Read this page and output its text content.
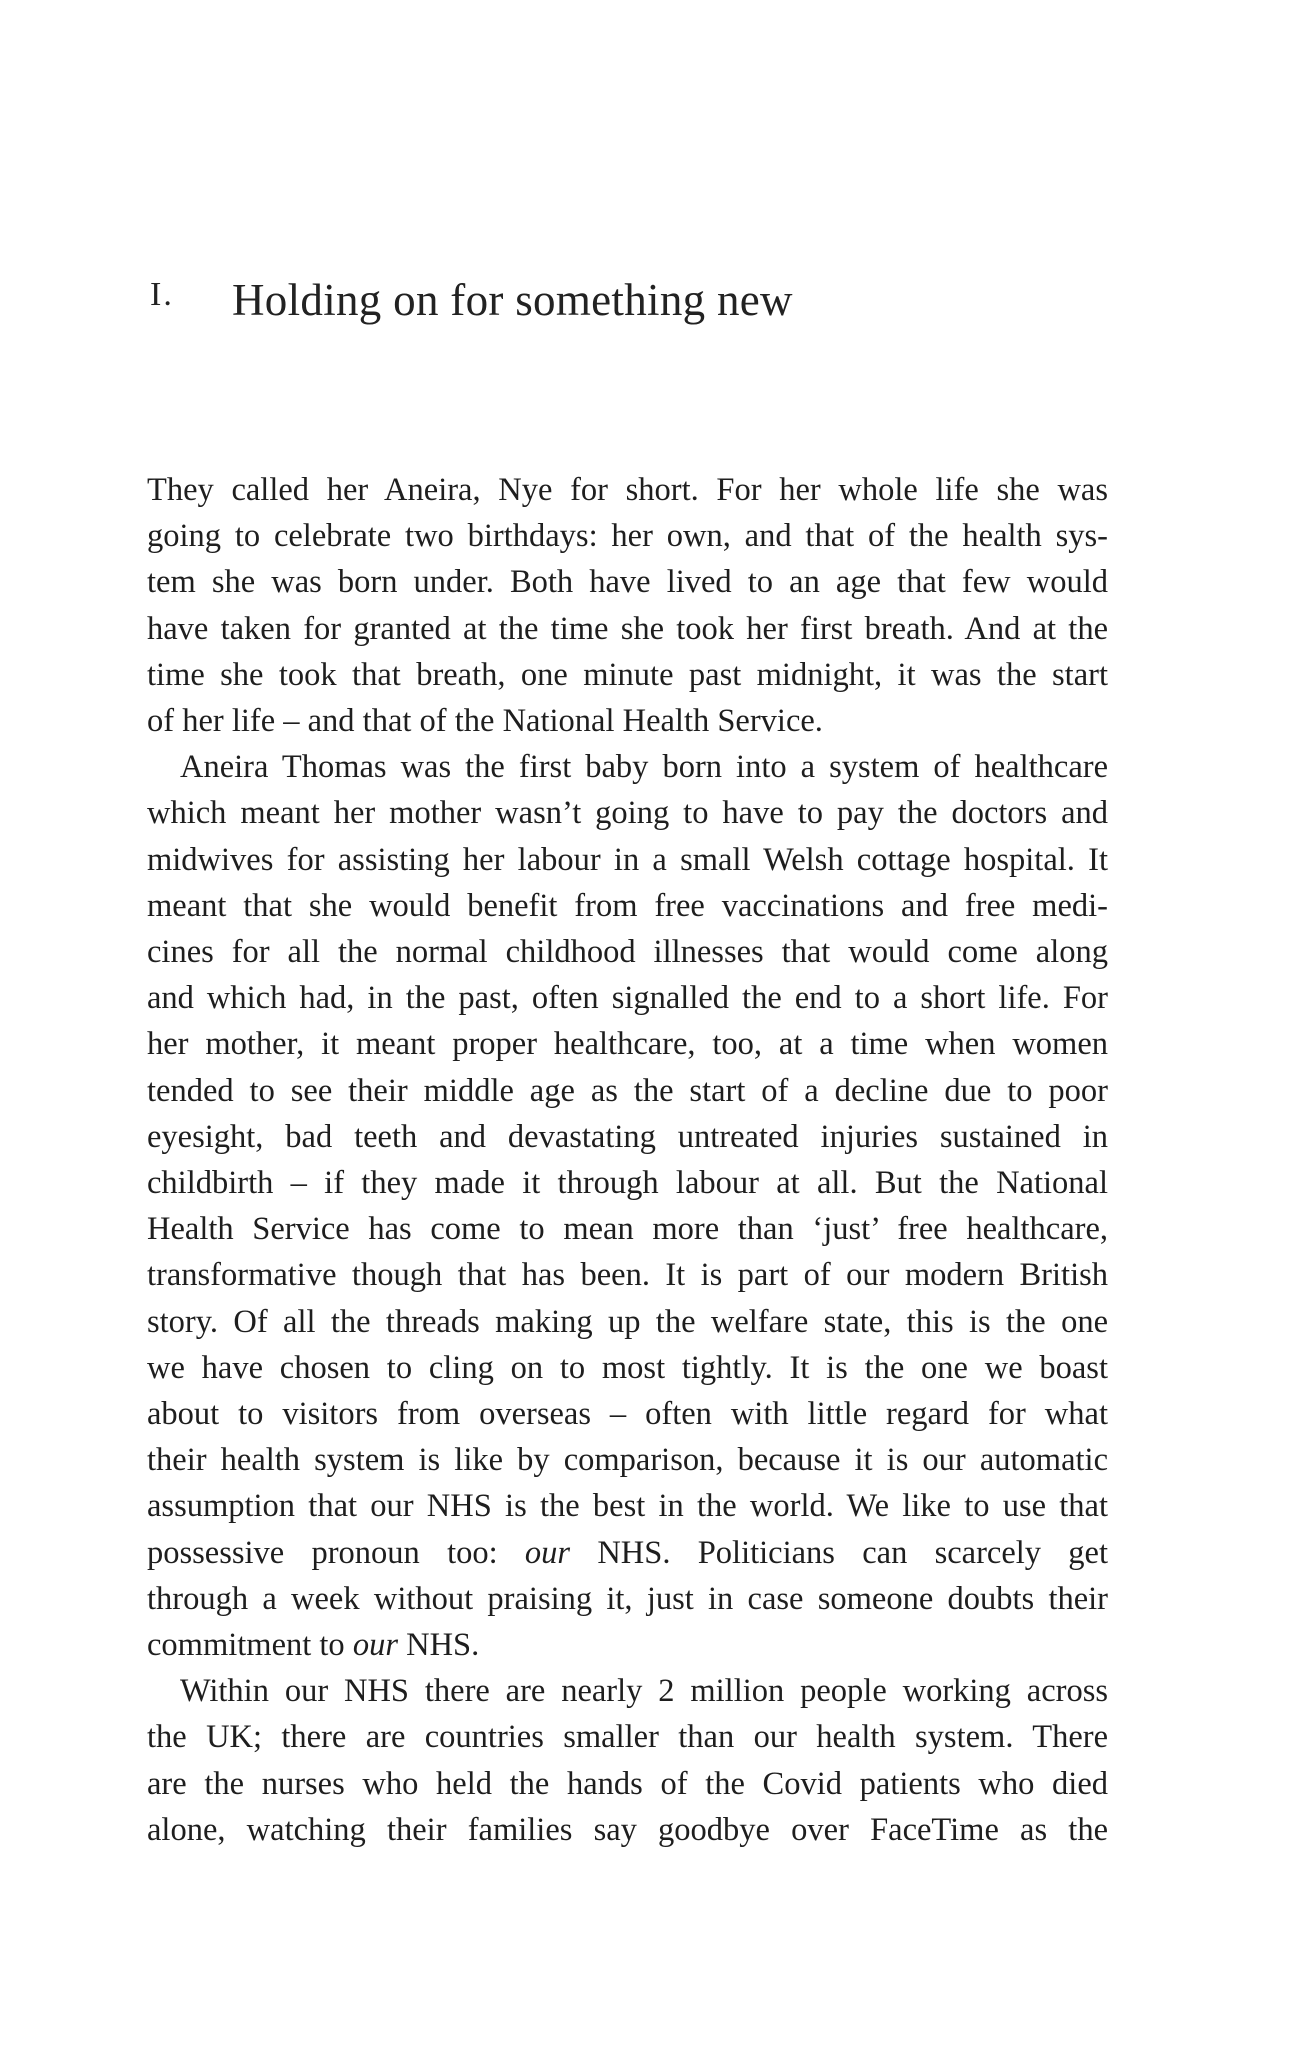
I. Holding on for something new
They called her Aneira, Nye for short. For her whole life she was
going to celebrate two birthdays: her own, and that of the health sys-
tem she was born under. Both have lived to an age that few would
have taken for granted at the time she took her first breath. And at the
time she took that breath, one minute past midnight, it was the start
of her life – and that of the National Health Service.
Aneira Thomas was the first baby born into a system of healthcare
which meant her mother wasn’t going to have to pay the doctors and
midwives for assisting her labour in a small Welsh cottage hospital. It
meant that she would benefit from free vaccinations and free medi-
cines for all the normal childhood illnesses that would come along
and which had, in the past, often signalled the end to a short life. For
her mother, it meant proper healthcare, too, at a time when women
tended to see their middle age as the start of a decline due to poor
eyesight, bad teeth and devastating untreated injuries sustained in
childbirth – if they made it through labour at all. But the National
Health Service has come to mean more than ‘just’ free healthcare,
transformative though that has been. It is part of our modern British
story. Of all the threads making up the welfare state, this is the one
we have chosen to cling on to most tightly. It is the one we boast
about to visitors from overseas – often with little regard for what
their health system is like by comparison, because it is our automatic
assumption that our NHS is the best in the world. We like to use that
possessive pronoun too: our NHS. Politicians can scarcely get
through a week without praising it, just in case someone doubts their
commitment to our NHS.
Within our NHS there are nearly 2 million people working across
the UK; there are countries smaller than our health system. There
are the nurses who held the hands of the Covid patients who died
alone, watching their families say goodbye over FaceTime as the
